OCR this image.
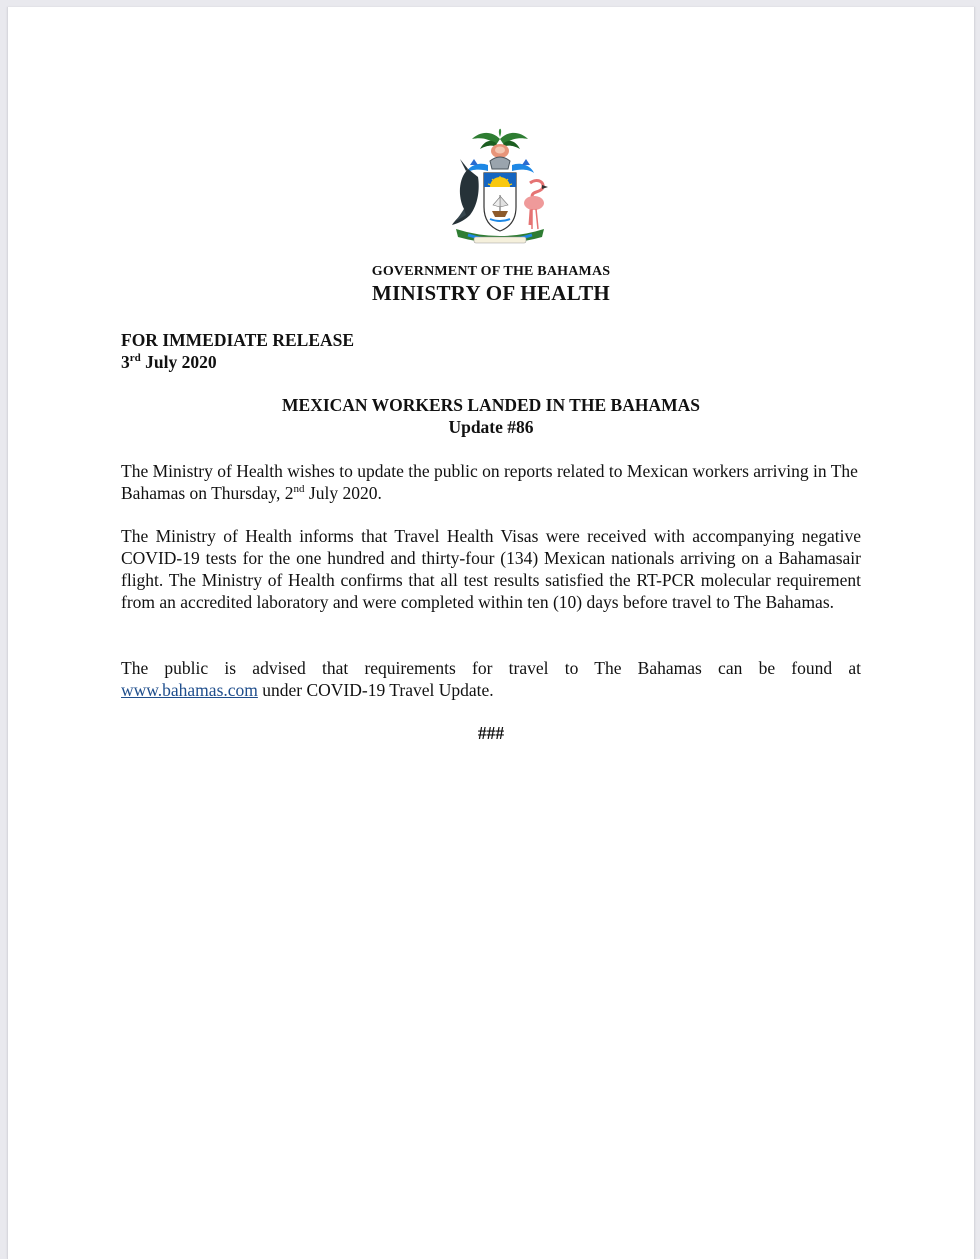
GOVERNMENT OF THE BAHAMAS
MINISTRY OF HEALTH
FOR IMMEDIATE RELEASE
3rd July 2020
MEXICAN WORKERS LANDED IN THE BAHAMAS
Update #86
The Ministry of Health wishes to update the public on reports related to Mexican workers arriving in The Bahamas on Thursday, 2nd July 2020.
The Ministry of Health informs that Travel Health Visas were received with accompanying negative COVID-19 tests for the one hundred and thirty-four (134) Mexican nationals arriving on a Bahamasair flight. The Ministry of Health confirms that all test results satisfied the RT-PCR molecular requirement from an accredited laboratory and were completed within ten (10) days before travel to The Bahamas.
The public is advised that requirements for travel to The Bahamas can be found at
www.bahamas.com under COVID-19 Travel Update.
###
